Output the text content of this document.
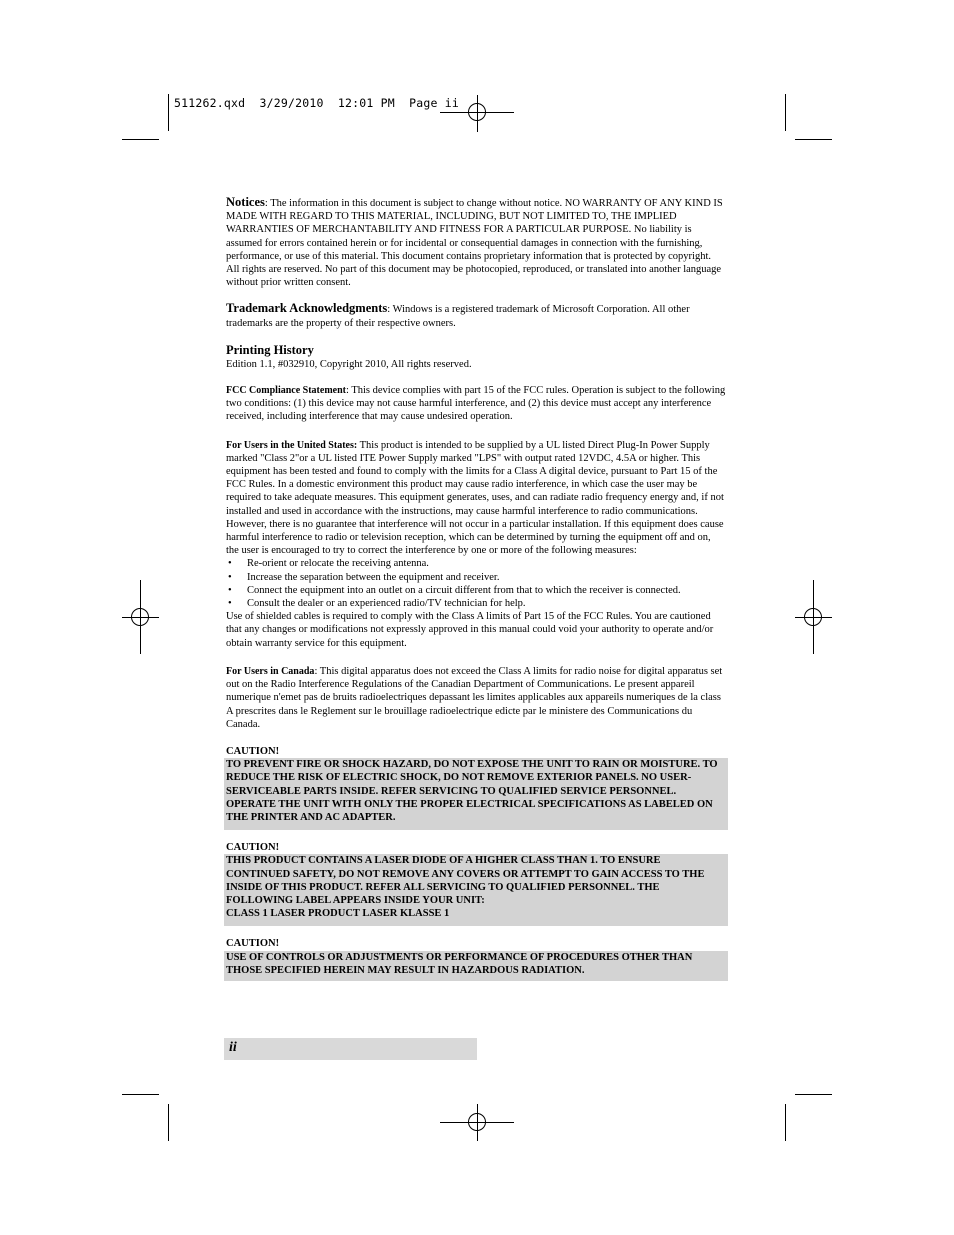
511262.qxd  3/29/2010  12:01 PM  Page ii

Notices: The information in this document is subject to change without notice. NO WARRANTY OF ANY KIND IS MADE WITH REGARD TO THIS MATERIAL, INCLUDING, BUT NOT LIMITED TO, THE IMPLIED WARRANTIES OF MERCHANTABILITY AND FITNESS FOR A PARTICULAR PURPOSE. No liability is assumed for errors contained herein or for incidental or consequential damages in connection with the furnishing, performance, or use of this material. This document contains proprietary information that is protected by copyright. All rights are reserved. No part of this document may be photocopied, reproduced, or translated into another language without prior written consent.

Trademark Acknowledgments: Windows is a registered trademark of Microsoft Corporation. All other trademarks are the property of their respective owners.

Printing History

Edition 1.1, #032910, Copyright 2010, All rights reserved.

FCC Compliance Statement: This device complies with part 15 of the FCC rules. Operation is subject to the following two conditions: (1) this device may not cause harmful interference, and (2) this device must accept any interference received, including interference that may cause undesired operation.

For Users in the United States: This product is intended to be supplied by a UL listed Direct Plug-In Power Supply marked "Class 2"or a UL listed ITE Power Supply marked "LPS" with output rated 12VDC, 4.5A or higher. This equipment has been tested and found to comply with the limits for a Class A digital device, pursuant to Part 15 of the FCC Rules. In a domestic environment this product may cause radio interference, in which case the user may be required to take adequate measures. This equipment generates, uses, and can radiate radio frequency energy and, if not installed and used in accordance with the instructions, may cause harmful interference to radio communications. However, there is no guarantee that interference will not occur in a particular installation. If this equipment does cause harmful interference to radio or television reception, which can be determined by turning the equipment off and on, the user is encouraged to try to correct the interference by one or more of the following measures:
• Re-orient or relocate the receiving antenna.
• Increase the separation between the equipment and receiver.
• Connect the equipment into an outlet on a circuit different from that to which the receiver is connected.
• Consult the dealer or an experienced radio/TV technician for help.
Use of shielded cables is required to comply with the Class A limits of Part 15 of the FCC Rules. You are cautioned that any changes or modifications not expressly approved in this manual could void your authority to operate and/or obtain warranty service for this equipment.

For Users in Canada: This digital apparatus does not exceed the Class A limits for radio noise for digital apparatus set out on the Radio Interference Regulations of the Canadian Department of Communications. Le present appareil numerique n'emet pas de bruits radioelectriques depassant les limites applicables aux appareils numeriques de la class A prescrites dans le Reglement sur le brouillage radioelectrique edicte par le ministere des Communications du Canada.

CAUTION!

TO PREVENT FIRE OR SHOCK HAZARD, DO NOT EXPOSE THE UNIT TO RAIN OR MOISTURE. TO REDUCE THE RISK OF ELECTRIC SHOCK, DO NOT REMOVE EXTERIOR PANELS. NO USER-SERVICEABLE PARTS INSIDE. REFER SERVICING TO QUALIFIED SERVICE PERSONNEL. OPERATE THE UNIT WITH ONLY THE PROPER ELECTRICAL SPECIFICATIONS AS LABELED ON THE PRINTER AND AC ADAPTER.

CAUTION!

THIS PRODUCT CONTAINS A LASER DIODE OF A HIGHER CLASS THAN 1. TO ENSURE CONTINUED SAFETY, DO NOT REMOVE ANY COVERS OR ATTEMPT TO GAIN ACCESS TO THE INSIDE OF THIS PRODUCT. REFER ALL SERVICING TO QUALIFIED PERSONNEL. THE FOLLOWING LABEL APPEARS INSIDE YOUR UNIT:
CLASS 1 LASER PRODUCT LASER KLASSE 1

CAUTION!

USE OF CONTROLS OR ADJUSTMENTS OR PERFORMANCE OF PROCEDURES OTHER THAN THOSE SPECIFIED HEREIN MAY RESULT IN HAZARDOUS RADIATION.
ii
